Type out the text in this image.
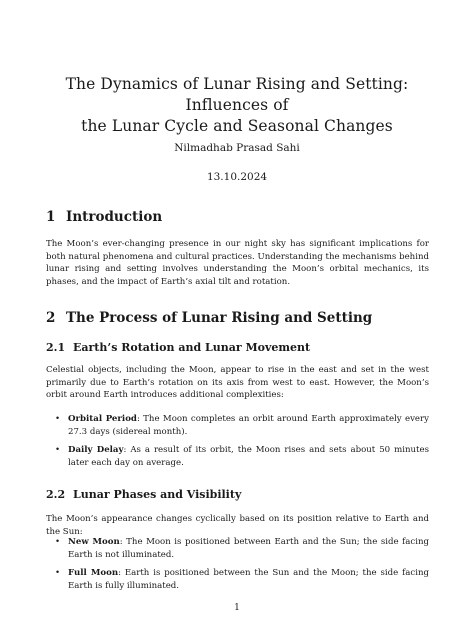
The Dynamics of Lunar Rising and Setting: Influences of
the Lunar Cycle and Seasonal Changes
Nilmadhab Prasad Sahi
13.10.2024
1 Introduction

The Moon’s ever-changing presence in our night sky has significant implications for both natural phenomena and cultural practices. Understanding the mechanisms behind lunar rising and setting involves understanding the Moon’s orbital mechanics, its phases, and the impact of Earth’s axial tilt and rotation.

2 The Process of Lunar Rising and Setting
2.1 Earth’s Rotation and Lunar Movement

Celestial objects, including the Moon, appear to rise in the east and set in the west primarily due to Earth’s rotation on its axis from west to east. However, the Moon’s orbit around Earth introduces additional complexities:

• Orbital Period: The Moon completes an orbit around Earth approximately every 27.3 days (sidereal month).
• Daily Delay: As a result of its orbit, the Moon rises and sets about 50 minutes later each day on average.
2.2 Lunar Phases and Visibility

The Moon’s appearance changes cyclically based on its position relative to Earth and the Sun:

• New Moon: The Moon is positioned between Earth and the Sun; the side facing Earth is not illuminated.
• Full Moon: Earth is positioned between the Sun and the Moon; the side facing Earth is fully illuminated.
1
